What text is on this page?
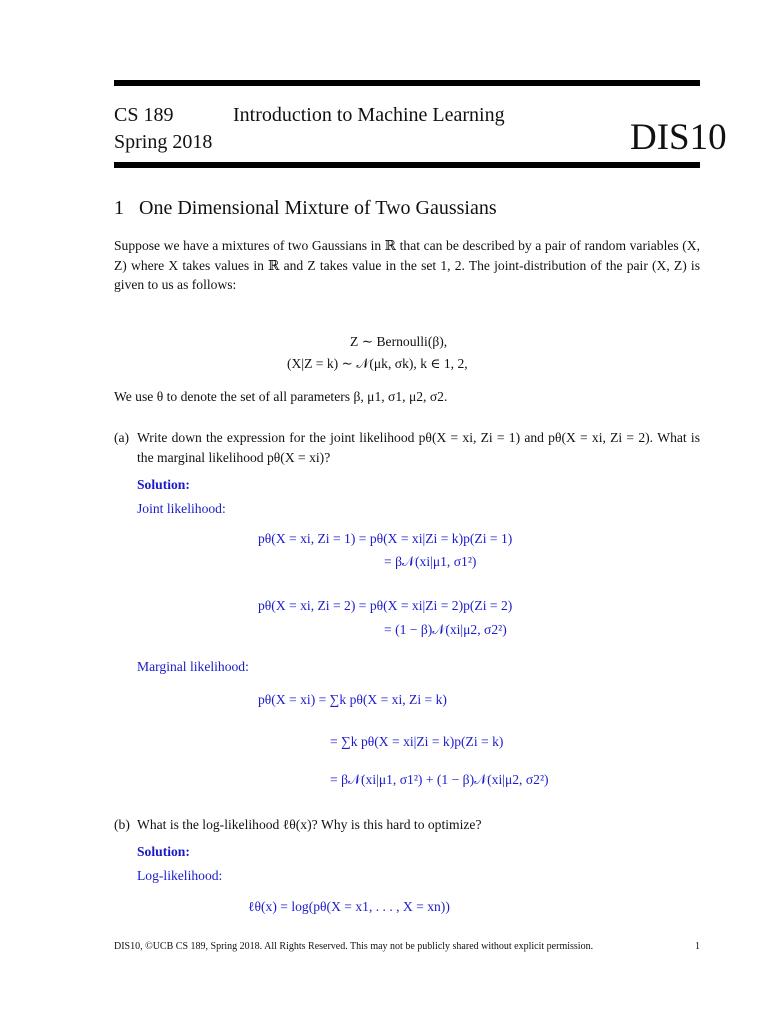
CS 189
Spring 2018
Introduction to Machine Learning
DIS10
1 One Dimensional Mixture of Two Gaussians
Suppose we have a mixtures of two Gaussians in ℝ that can be described by a pair of random variables (X, Z) where X takes values in ℝ and Z takes value in the set 1, 2. The joint-distribution of the pair (X, Z) is given to us as follows:
Z ∼ Bernoulli(β),
(X|Z = k) ∼ 𝒩(μk, σk), k ∈ 1, 2,
We use θ to denote the set of all parameters β, μ1, σ1, μ2, σ2.
(a) Write down the expression for the joint likelihood pθ(X = xi, Zi = 1) and pθ(X = xi, Zi = 2). What is the marginal likelihood pθ(X = xi)?
Solution:
Joint likelihood:
pθ(X = xi, Zi = 1) = pθ(X = xi|Zi = k)p(Zi = 1)
= β𝒩(xi|μ1, σ1²)
pθ(X = xi, Zi = 2) = pθ(X = xi|Zi = 2)p(Zi = 2)
= (1 − β)𝒩(xi|μ2, σ2²)
Marginal likelihood:
pθ(X = xi) = ∑k pθ(X = xi, Zi = k)
= ∑k pθ(X = xi|Zi = k)p(Zi = k)
= β𝒩(xi|μ1, σ1²) + (1 − β)𝒩(xi|μ2, σ2²)
(b) What is the log-likelihood ℓθ(x)? Why is this hard to optimize?
Solution:
Log-likelihood:
ℓθ(x) = log(pθ(X = x1, . . . , X = xn))
DIS10, ©UCB CS 189, Spring 2018. All Rights Reserved. This may not be publicly shared without explicit permission.	1
